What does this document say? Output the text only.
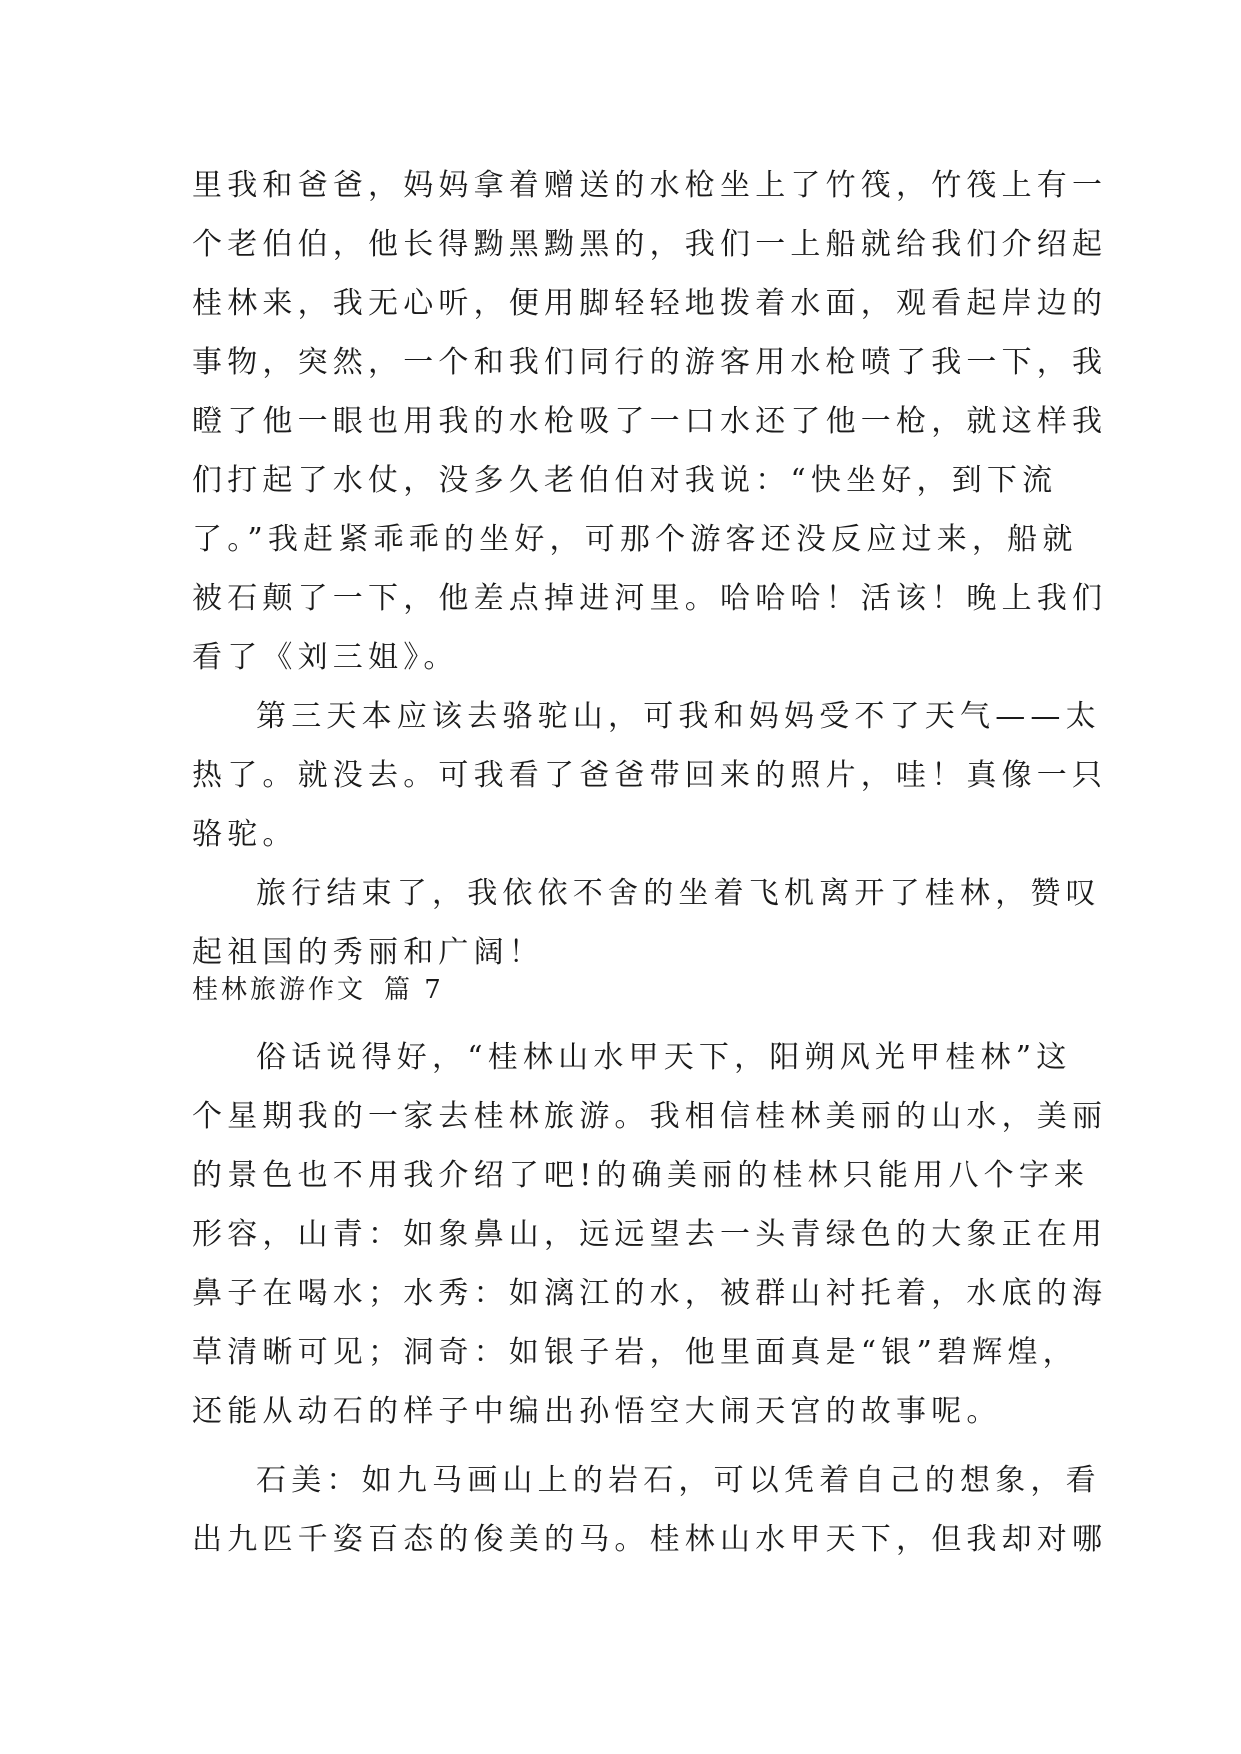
里我和爸爸，妈妈拿着赠送的水枪坐上了竹筏，竹筏上有一
个老伯伯，他长得黝黑黝黑的，我们一上船就给我们介绍起
桂林来，我无心听，便用脚轻轻地拨着水面，观看起岸边的
事物，突然，一个和我们同行的游客用水枪喷了我一下，我
瞪了他一眼也用我的水枪吸了一口水还了他一枪，就这样我
们打起了水仗，没多久老伯伯对我说：“快坐好，到下流
了。”我赶紧乖乖的坐好，可那个游客还没反应过来，船就
被石颠了一下，他差点掉进河里。哈哈哈！活该！晚上我们
看了《刘三姐》。
第三天本应该去骆驼山，可我和妈妈受不了天气——太
热了。就没去。可我看了爸爸带回来的照片，哇！真像一只
骆驼。
旅行结束了，我依依不舍的坐着飞机离开了桂林，赞叹
起祖国的秀丽和广阔！
桂林旅游作文 篇 7
俗话说得好，“桂林山水甲天下，阳朔风光甲桂林”这
个星期我的一家去桂林旅游。我相信桂林美丽的山水，美丽
的景色也不用我介绍了吧!的确美丽的桂林只能用八个字来
形容，山青：如象鼻山，远远望去一头青绿色的大象正在用
鼻子在喝水；水秀：如漓江的水，被群山衬托着，水底的海
草清晰可见；洞奇：如银子岩，他里面真是“银”碧辉煌，
还能从动石的样子中编出孙悟空大闹天宫的故事呢。
石美：如九马画山上的岩石，可以凭着自己的想象，看
出九匹千姿百态的俊美的马。桂林山水甲天下，但我却对哪
